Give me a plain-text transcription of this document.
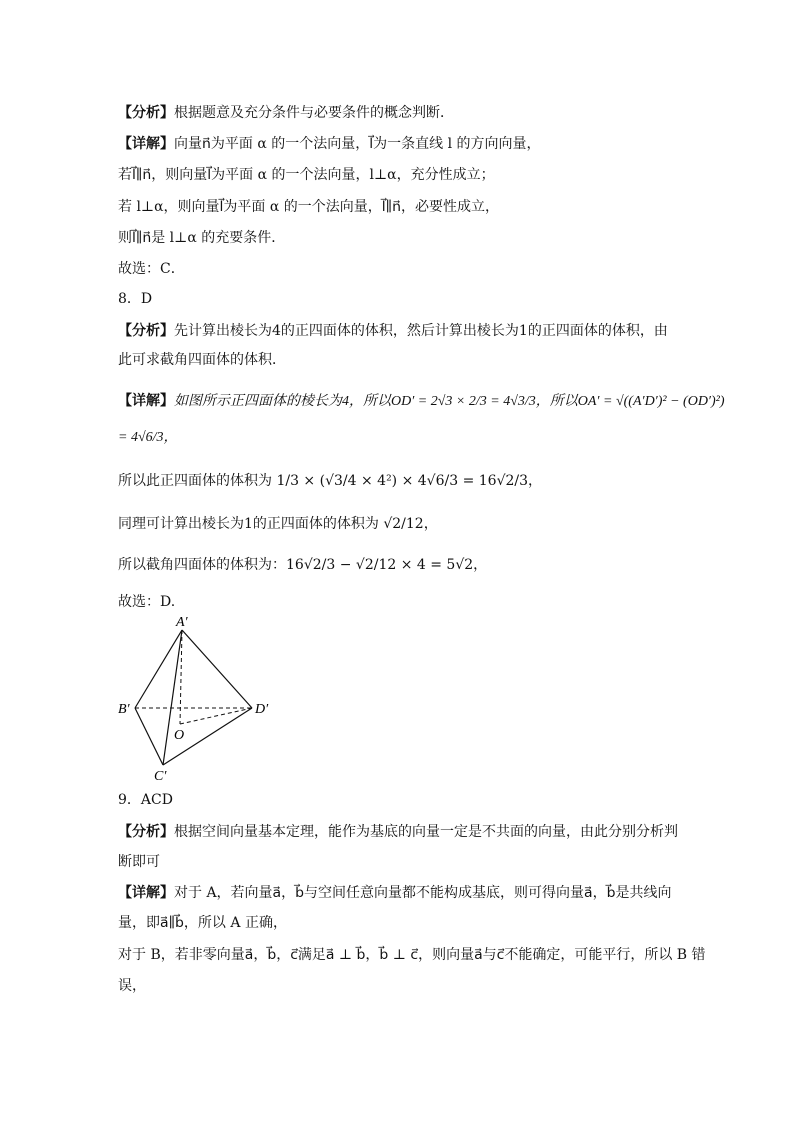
【分析】根据题意及充分条件与必要条件的概念判断．
【详解】向量n⃗为平面 α 的一个法向量，l⃗为一条直线 l 的方向向量，
若l⃗∥n⃗，则向量l⃗为平面 α 的一个法向量，l⊥α，充分性成立；
若 l⊥α，则向量l⃗为平面 α 的一个法向量，l⃗∥n⃗，必要性成立，
则l⃗∥n⃗是 l⊥α 的充要条件．
故选：C．
8．D
【分析】先计算出棱长为4的正四面体的体积，然后计算出棱长为1的正四面体的体积，由
此可求截角四面体的体积．
【详解】如图所示正四面体的棱长为4，所以OD′ = 2√3 × 2/3 = 4√3/3，所以OA′ = √((A′D′)² − (OD′)²)
= 4√6/3，
所以此正四面体的体积为 1/3 × (√3/4 × 4²) × 4√6/3 = 16√2/3，
同理可计算出棱长为1的正四面体的体积为 √2/12，
所以截角四面体的体积为：16√2/3 − √2/12 × 4 = 5√2，
故选：D.
A′
B′	D′
O
C′
9．ACD
【分析】根据空间向量基本定理，能作为基底的向量一定是不共面的向量，由此分别分析判
断即可
【详解】对于 A，若向量a⃗，b⃗与空间任意向量都不能构成基底，则可得向量a⃗，b⃗是共线向
量，即a⃗∥b⃗，所以 A 正确，
对于 B，若非零向量a⃗，b⃗，c⃗满足a⃗ ⊥ b⃗，b⃗ ⊥ c⃗，则向量a⃗与c⃗不能确定，可能平行，所以 B 错
误，
